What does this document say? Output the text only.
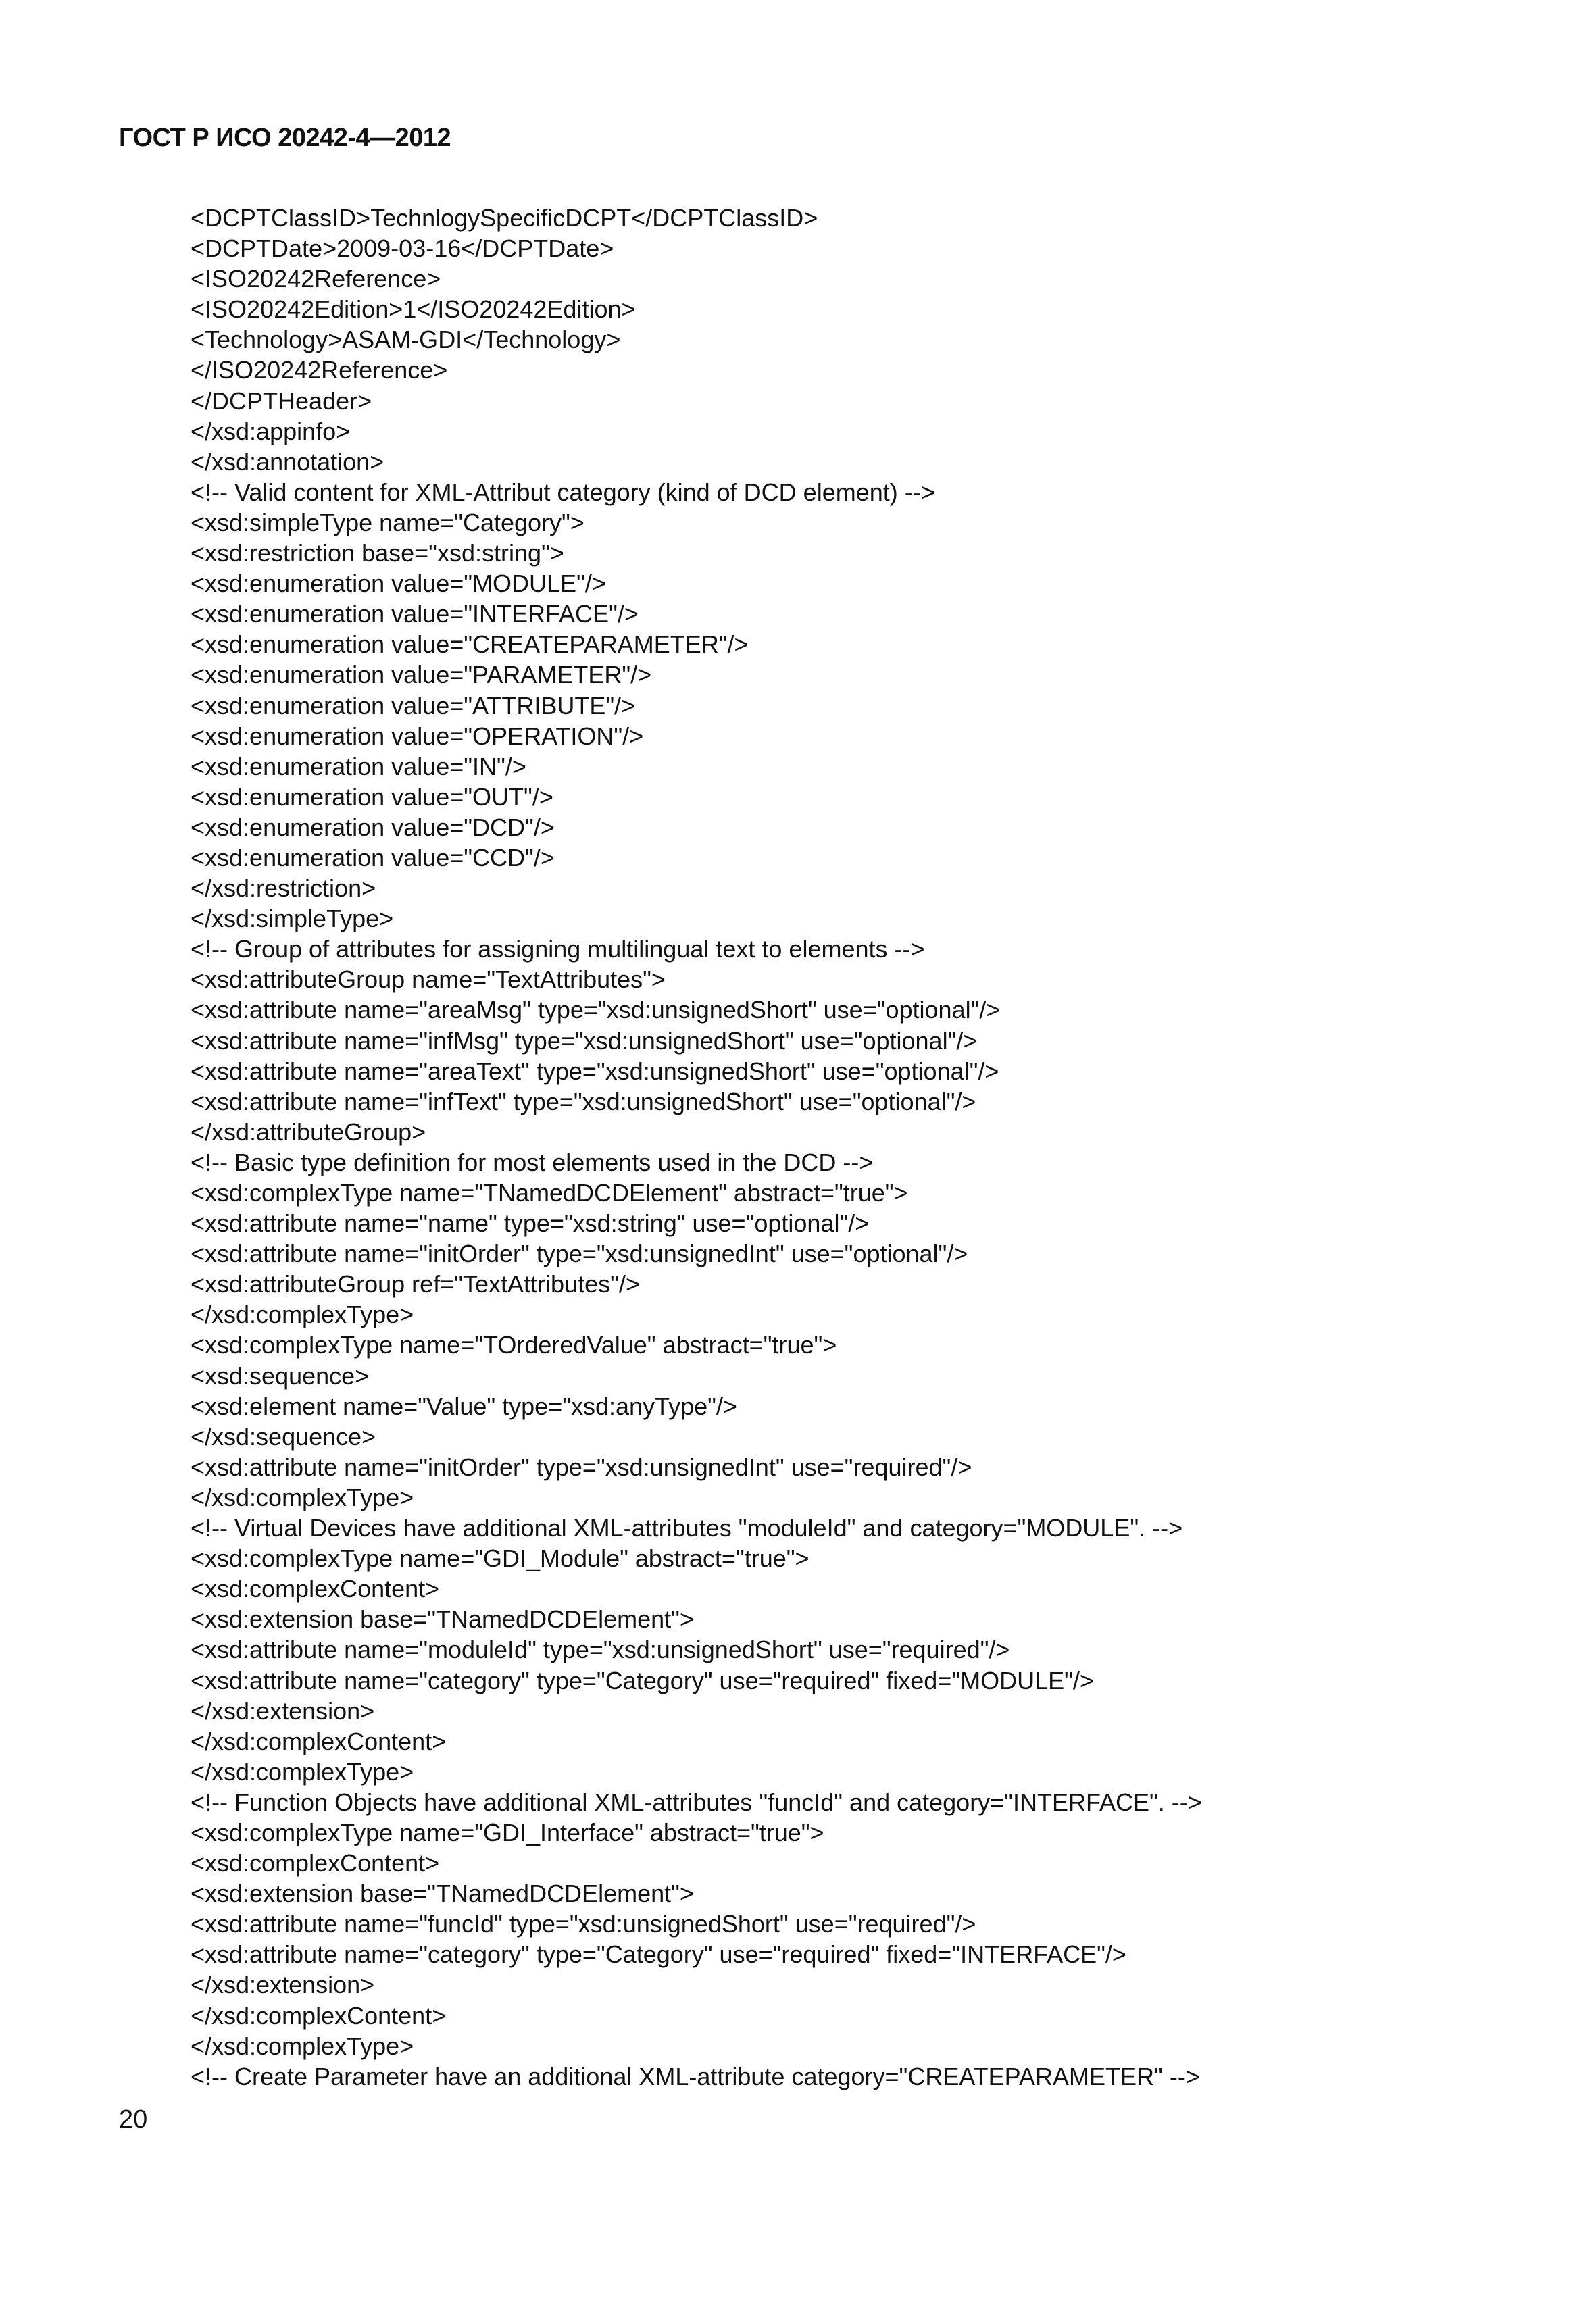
ГОСТ Р ИСО 20242-4—2012
<DCPTClassID>TechnlogySpecificDCPT</DCPTClassID>
<DCPTDate>2009-03-16</DCPTDate>
<ISO20242Reference>
<ISO20242Edition>1</ISO20242Edition>
<Technology>ASAM-GDI</Technology>
</ISO20242Reference>
</DCPTHeader>
</xsd:appinfo>
</xsd:annotation>
<!-- Valid content for XML-Attribut category (kind of DCD element) -->
<xsd:simpleType name="Category">
<xsd:restriction base="xsd:string">
<xsd:enumeration value="MODULE"/>
<xsd:enumeration value="INTERFACE"/>
<xsd:enumeration value="CREATEPARAMETER"/>
<xsd:enumeration value="PARAMETER"/>
<xsd:enumeration value="ATTRIBUTE"/>
<xsd:enumeration value="OPERATION"/>
<xsd:enumeration value="IN"/>
<xsd:enumeration value="OUT"/>
<xsd:enumeration value="DCD"/>
<xsd:enumeration value="CCD"/>
</xsd:restriction>
</xsd:simpleType>
<!-- Group of attributes for assigning multilingual text to elements -->
<xsd:attributeGroup name="TextAttributes">
<xsd:attribute name="areaMsg" type="xsd:unsignedShort" use="optional"/>
<xsd:attribute name="infMsg" type="xsd:unsignedShort" use="optional"/>
<xsd:attribute name="areaText" type="xsd:unsignedShort" use="optional"/>
<xsd:attribute name="infText" type="xsd:unsignedShort" use="optional"/>
</xsd:attributeGroup>
<!-- Basic type definition for most elements used in the DCD -->
<xsd:complexType name="TNamedDCDElement" abstract="true">
<xsd:attribute name="name" type="xsd:string" use="optional"/>
<xsd:attribute name="initOrder" type="xsd:unsignedInt" use="optional"/>
<xsd:attributeGroup ref="TextAttributes"/>
</xsd:complexType>
<xsd:complexType name="TOrderedValue" abstract="true">
<xsd:sequence>
<xsd:element name="Value" type="xsd:anyType"/>
</xsd:sequence>
<xsd:attribute name="initOrder" type="xsd:unsignedInt" use="required"/>
</xsd:complexType>
<!-- Virtual Devices have additional XML-attributes "moduleId" and category="MODULE". -->
<xsd:complexType name="GDI_Module" abstract="true">
<xsd:complexContent>
<xsd:extension base="TNamedDCDElement">
<xsd:attribute name="moduleId" type="xsd:unsignedShort" use="required"/>
<xsd:attribute name="category" type="Category" use="required" fixed="MODULE"/>
</xsd:extension>
</xsd:complexContent>
</xsd:complexType>
<!-- Function Objects have additional XML-attributes "funcId" and category="INTERFACE". -->
<xsd:complexType name="GDI_Interface" abstract="true">
<xsd:complexContent>
<xsd:extension base="TNamedDCDElement">
<xsd:attribute name="funcId" type="xsd:unsignedShort" use="required"/>
<xsd:attribute name="category" type="Category" use="required" fixed="INTERFACE"/>
</xsd:extension>
</xsd:complexContent>
</xsd:complexType>
<!-- Create Parameter have an additional XML-attribute category="CREATEPARAMETER" -->
20
